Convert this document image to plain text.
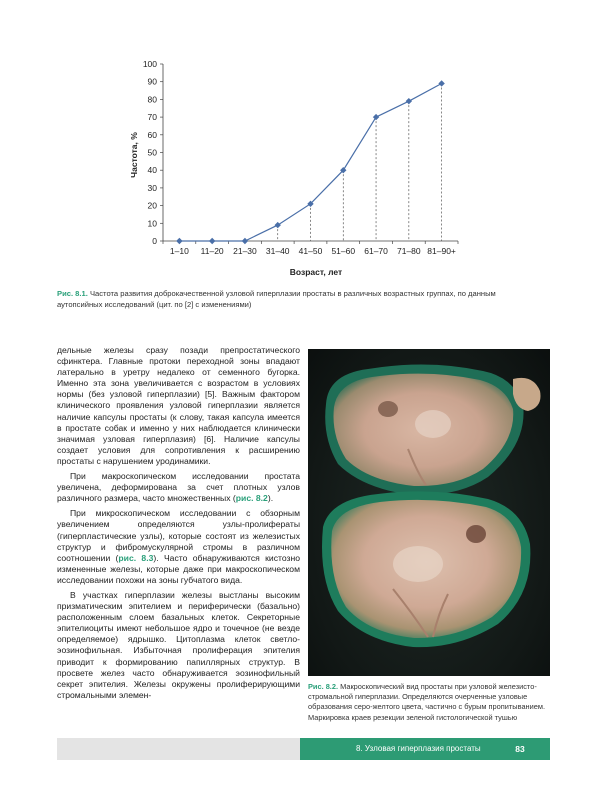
0
10
20
30
40
50
60
70
80
90
100
1–10 11–20 21–30 31–40 41–50 51–60 61–70 71–80 81–90+
Частота, %
Возраст, лет
Рис. 8.1. Частота развития доброкачественной узловой гиперплазии простаты в различных возрастных группах, по данным аутопсийных исследований (цит. по [2] с изменениями)

дельные железы сразу позади препростатического сфинктера. Главные протоки переходной зоны впадают латерально в уретру недалеко от семенного бугорка. Именно эта зона увеличивается с возрастом в условиях нормы (без узловой гиперплазии) [5]. Важным фактором клинического проявления узловой гиперплазии является наличие капсулы простаты (к слову, такая капсула имеется в простате собак и именно у них наблюдается клинически значимая узловая гиперплазия) [6]. Наличие капсулы создает условия для сопротивления к расширению простаты с нарушением уродинамики.

При макроскопическом исследовании простата увеличена, деформирована за счет плотных узлов различного размера, часто множественных (рис. 8.2).

При микроскопическом исследовании с обзорным увеличением определяются узлы-пролифераты (гиперпластические узлы), которые состоят из железистых структур и фибромускулярной стромы в различном соотношении (рис. 8.3). Часто обнаруживаются кистозно измененные железы, которые даже при макроскопическом исследовании похожи на зоны губчатого вида.

В участках гиперплазии железы выстланы высоким призматическим эпителием и периферически (базально) расположенным слоем базальных клеток. Секреторные эпителиоциты имеют небольшое ядро и точечное (не везде определяемое) ядрышко. Цитоплазма клеток светло-эозинофильная. Избыточная пролиферация эпителия приводит к формированию папиллярных структур. В просвете желез часто обнаруживается эозинофильный секрет эпителия. Железы окружены пролиферирующими стромальными элемен-

Рис. 8.2. Макроскопический вид простаты при узловой железисто-стромальной гиперплазии. Определяются очерченные узловые образования серо-желтого цвета, частично с бурым пропитыванием. Маркировка краев резекции зеленой гистологической тушью
8. Узловая гиперплазия простаты	83
